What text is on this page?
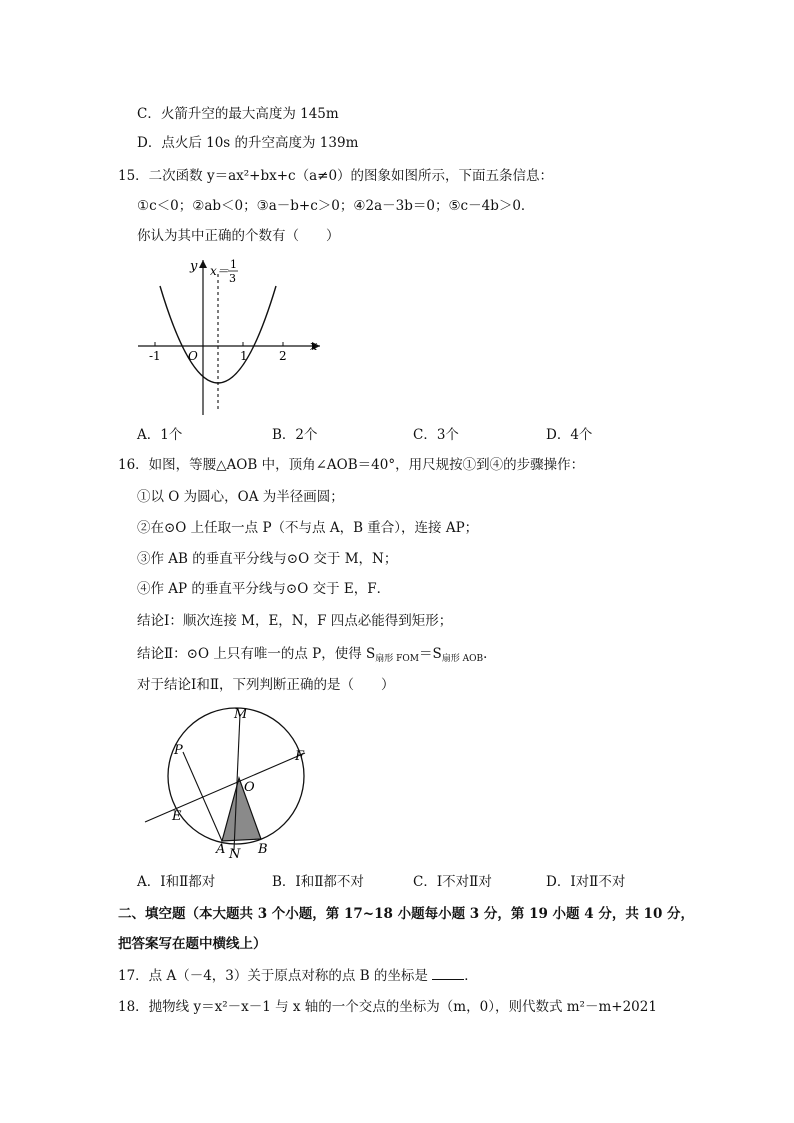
C．火箭升空的最大高度为 145m
D．点火后 10s 的升空高度为 139m
15．二次函数 y＝ax²+bx+c（a≠0）的图象如图所示，下面五条信息：
①c＜0；②ab＜0；③a－b+c＞0；④2a－3b＝0；⑤c－4b＞0．
你认为其中正确的个数有（　　）
y
x
O
-1	1	2
x＝ 1
3
A．1个	B．2个	C．3个	D．4个
16．如图，等腰△AOB 中，顶角∠AOB＝40°，用尺规按①到④的步骤操作：
①以 O 为圆心，OA 为半径画圆；
②在⊙O 上任取一点 P（不与点 A，B 重合），连接 AP；
③作 AB 的垂直平分线与⊙O 交于 M，N；
④作 AP 的垂直平分线与⊙O 交于 E，F．
结论Ⅰ：顺次连接 M，E，N，F 四点必能得到矩形；
结论Ⅱ：⊙O 上只有唯一的点 P，使得 $S_{扇形 FOM}=S_{扇形 AOB}$．
对于结论Ⅰ和Ⅱ，下列判断正确的是（　　）
M
P	F
O
E
A N B
A．Ⅰ和Ⅱ都对	B．Ⅰ和Ⅱ都不对	C．Ⅰ不对Ⅱ对	D．Ⅰ对Ⅱ不对
二、填空题（本大题共 3 个小题，第 17~18 小题每小题 3 分，第 19 小题 4 分，共 10 分，
把答案写在题中横线上）
17．点 A（－4，3）关于原点对称的点 B 的坐标是	．
18．抛物线 y＝x²－x－1 与 x 轴的一个交点的坐标为（m，0），则代数式 m²－m+2021
